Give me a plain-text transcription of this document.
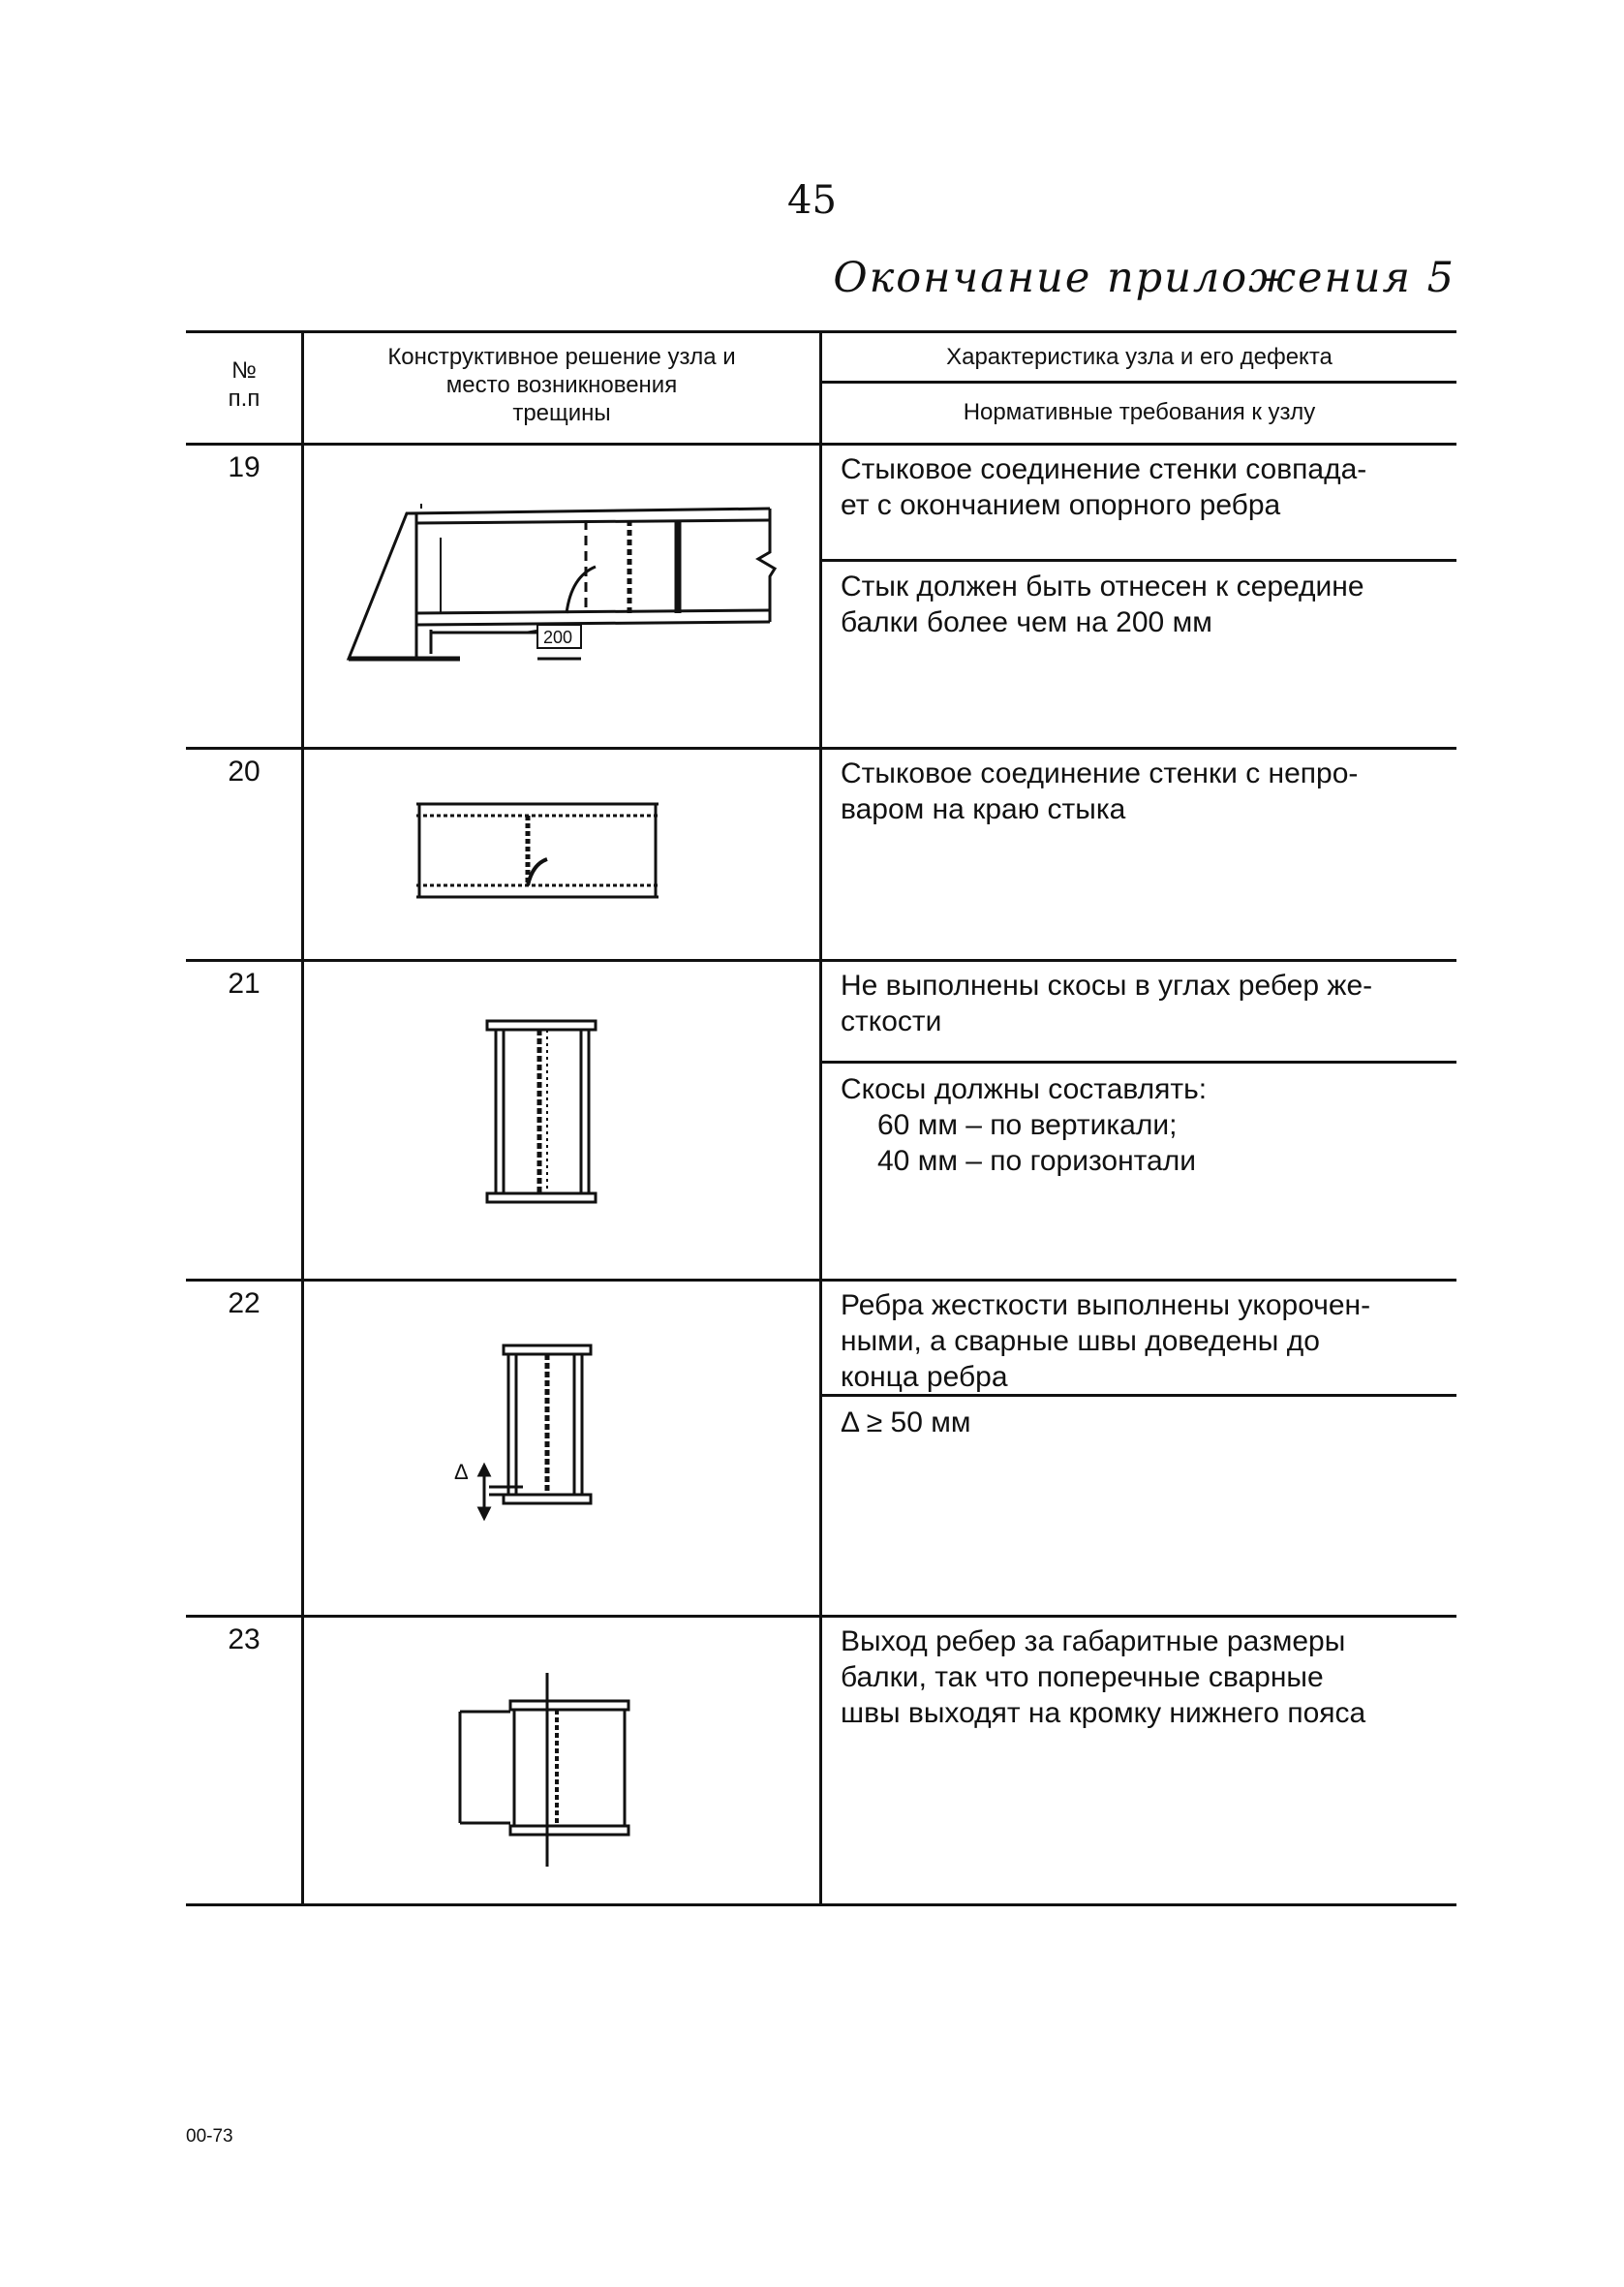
45
Окончание приложения 5
№
п.п
Конструктивное решение узла и
место возникновения
трещины
Характеристика узла и его дефекта
Нормативные требования к узлу
19	Стыковое соединение стенки совпада-
ет с окончанием опорного ребра
Стык должен быть отнесен к середине
балки более чем на 200 мм
200
20	Стыковое соединение стенки с непро-
варом на краю стыка
21	Не выполнены скосы в углах ребер же-
сткости
Скосы должны составлять:
60 мм – по вертикали;
40 мм – по горизонтали
22	Ребра жесткости выполнены укорочен-
ными, а сварные швы доведены до
конца ребра
Δ ≥ 50 мм
Δ
23	Выход ребер за габаритные размеры
балки, так что поперечные сварные
швы выходят на кромку нижнего пояса
00-73
